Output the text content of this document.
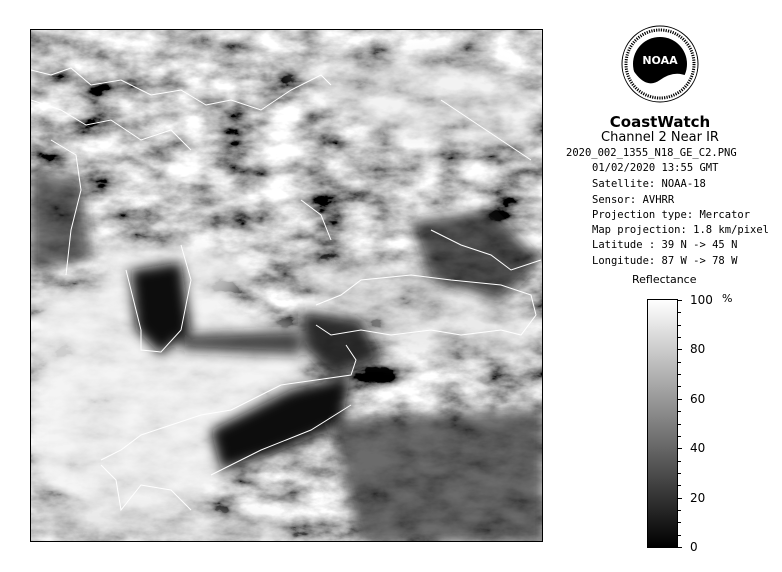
NOAA
CoastWatch
Channel 2 Near IR
2020_002_1355_N18_GE_C2.PNG
01/02/2020 13:55 GMT
Satellite: NOAA-18
Sensor: AVHRR
Projection type: Mercator
Map projection: 1.8 km/pixel
Latitude : 39 N -> 45 N
Longitude: 87 W -> 78 W
Reflectance
%
100
80
60
40
20
0
